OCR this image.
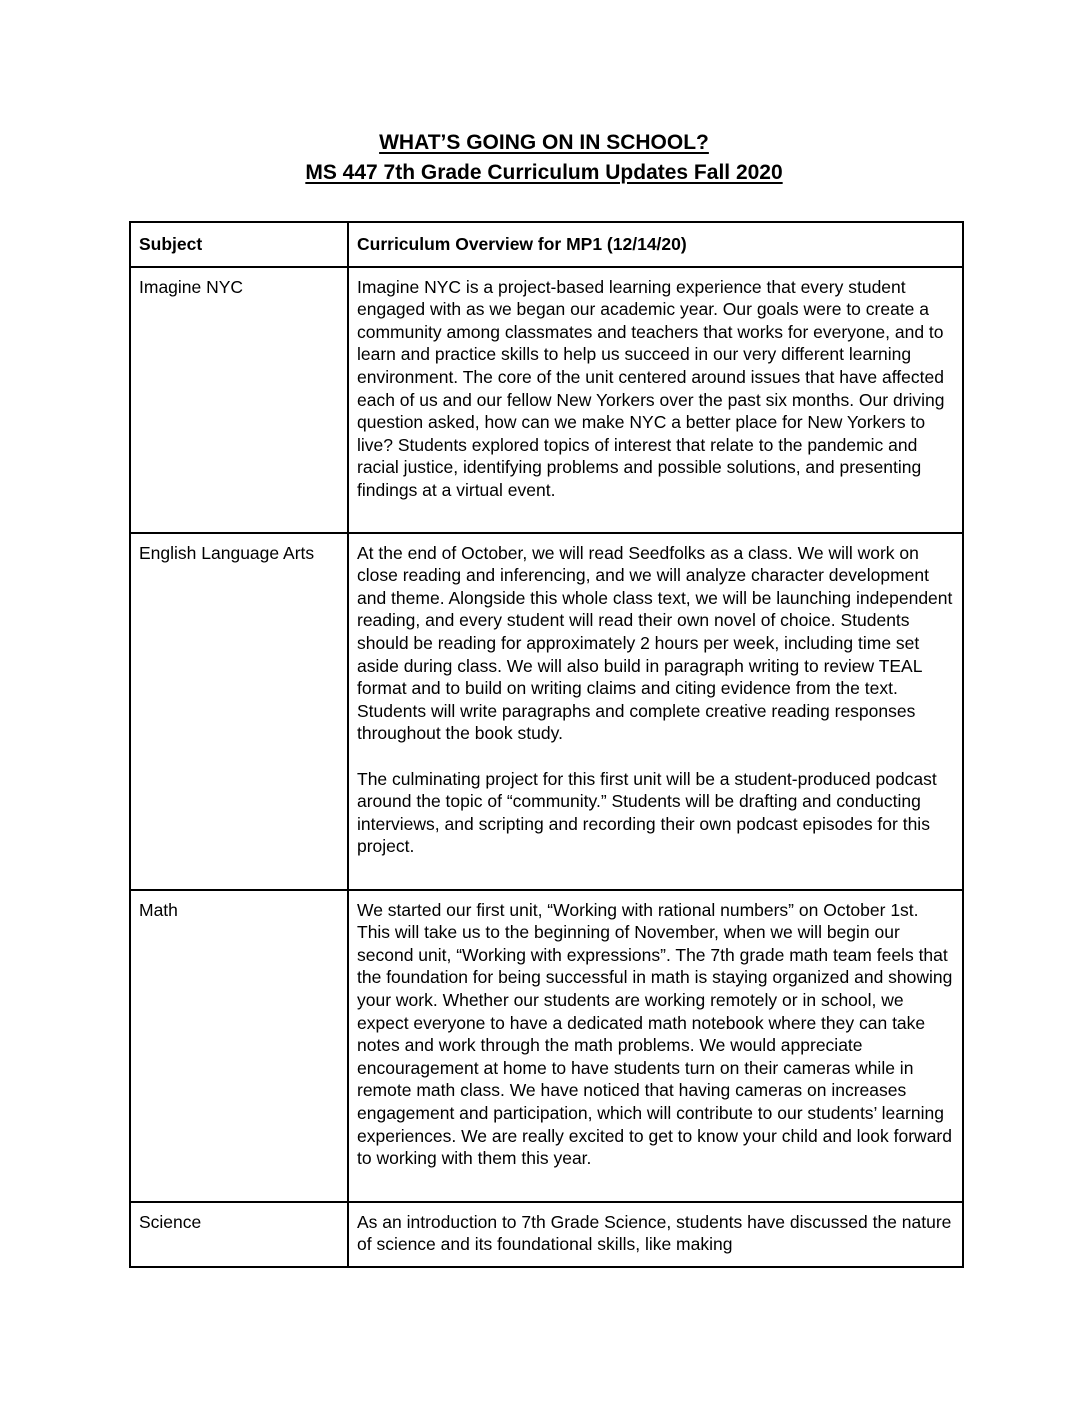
WHAT’S GOING ON IN SCHOOL?

MS 447 7th Grade Curriculum Updates Fall 2020

Subject	Curriculum Overview for MP1 (12/14/20)
Imagine NYC	Imagine NYC is a project-based learning experience that every student engaged with as we began our academic year. Our goals were to create a community among classmates and teachers that works for everyone, and to learn and practice skills to help us succeed in our very different learning environment. The core of the unit centered around issues that have affected each of us and our fellow New Yorkers over the past six months. Our driving question asked, how can we make NYC a better place for New Yorkers to live? Students explored topics of interest that relate to the pandemic and racial justice, identifying problems and possible solutions, and presenting findings at a virtual event.

English Language Arts	At the end of October, we will read Seedfolks as a class. We will work on close reading and inferencing, and we will analyze character development and theme. Alongside this whole class text, we will be launching independent reading, and every student will read their own novel of choice. Students should be reading for approximately 2 hours per week, including time set aside during class. We will also build in paragraph writing to review TEAL format and to build on writing claims and citing evidence from the text. Students will write paragraphs and complete creative reading responses throughout the book study.

The culminating project for this first unit will be a student-produced podcast around the topic of “community.” Students will be drafting and conducting interviews, and scripting and recording their own podcast episodes for this project.

Math	We started our first unit, “Working with rational numbers” on October 1st. This will take us to the beginning of November, when we will begin our second unit, “Working with expressions”. The 7th grade math team feels that the foundation for being successful in math is staying organized and showing your work. Whether our students are working remotely or in school, we expect everyone to have a dedicated math notebook where they can take notes and work through the math problems. We would appreciate encouragement at home to have students turn on their cameras while in remote math class. We have noticed that having cameras on increases engagement and participation, which will contribute to our students’ learning experiences. We are really excited to get to know your child and look forward to working with them this year.

Science	As an introduction to 7th Grade Science, students have discussed the nature of science and its foundational skills, like making
